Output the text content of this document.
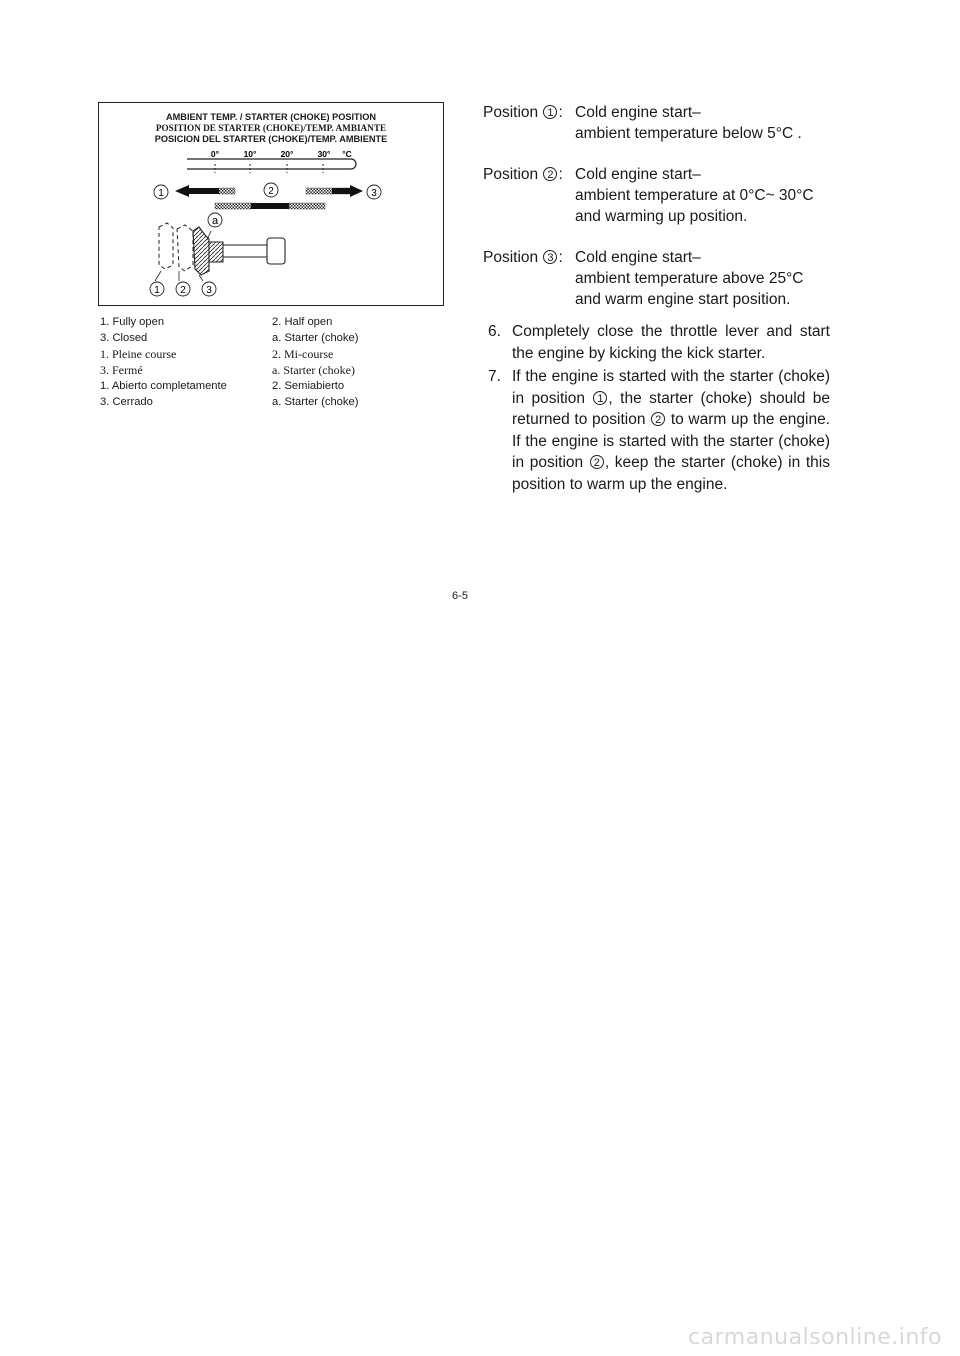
AMBIENT TEMP. / STARTER (CHOKE) POSITION
POSITION DE STARTER (CHOKE)/TEMP. AMBIANTE
POSICION DEL STARTER (CHOKE)/TEMP. AMBIENTE
0°	10°	20°	30° °C
1	2	3
a
1 2 3
1. Fully open	2. Half open
3. Closed	a. Starter (choke)
1. Pleine course	2. Mi-course
3. Fermé	a. Starter (choke)
1. Abierto completamente	2. Semiabierto
3. Cerrado	a. Starter (choke)
Position 1 : Cold engine start–
ambient temperature below 5°C .
Position 2 : Cold engine start–
ambient temperature at 0°C~ 30°C
and warming up position.
Position 3 : Cold engine start–
ambient temperature above 25°C
and warm engine start position.
6. Completely close the throttle lever and start the engine by kicking the kick starter.
7. If the engine is started with the starter (choke) in position 1 , the starter (choke) should be returned to position 2 to warm up the engine. If the engine is started with the starter (choke) in position 2 , keep the starter (choke) in this position to warm up the engine.
6-5
carmanualsonline.info
